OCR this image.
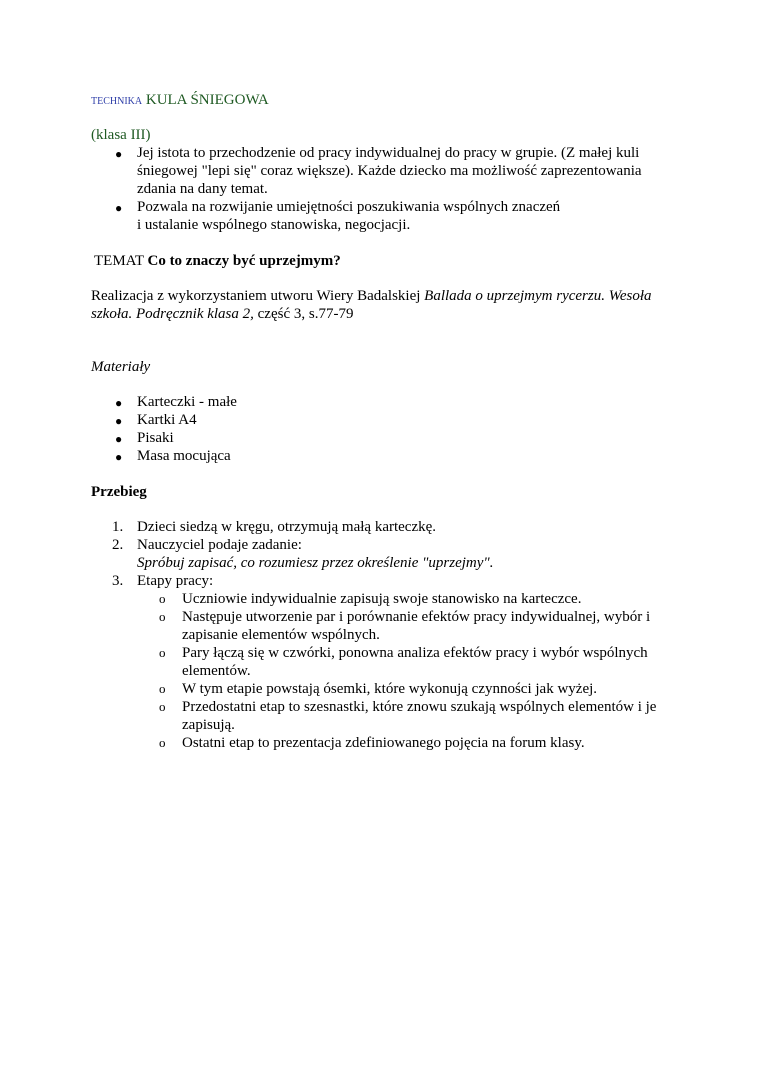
TECHNIKA KULA ŚNIEGOWA
(klasa III)
● Jej istota to przechodzenie od pracy indywidualnej do pracy w grupie. (Z małej kuli
śniegowej "lepi się" coraz większe). Każde dziecko ma możliwość zaprezentowania
zdania na dany temat.
● Pozwala na rozwijanie umiejętności poszukiwania wspólnych znaczeń
i ustalanie wspólnego stanowiska, negocjacji.
TEMAT Co to znaczy być uprzejmym?
Realizacja z wykorzystaniem utworu Wiery Badalskiej Ballada o uprzejmym rycerzu. Wesoła
szkoła. Podręcznik klasa 2, część 3, s.77-79
Materiały
● Karteczki - małe
● Kartki A4
● Pisaki
● Masa mocująca
Przebieg
1. Dzieci siedzą w kręgu, otrzymują małą karteczkę.
2. Nauczyciel podaje zadanie:
Spróbuj zapisać, co rozumiesz przez określenie "uprzejmy".
3. Etapy pracy:
o Uczniowie indywidualnie zapisują swoje stanowisko na karteczce.
o Następuje utworzenie par i porównanie efektów pracy indywidualnej, wybór i
zapisanie elementów wspólnych.
o Pary łączą się w czwórki, ponowna analiza efektów pracy i wybór wspólnych
elementów.
o W tym etapie powstają ósemki, które wykonują czynności jak wyżej.
o Przedostatni etap to szesnastki, które znowu szukają wspólnych elementów i je
zapisują.
o Ostatni etap to prezentacja zdefiniowanego pojęcia na forum klasy.
